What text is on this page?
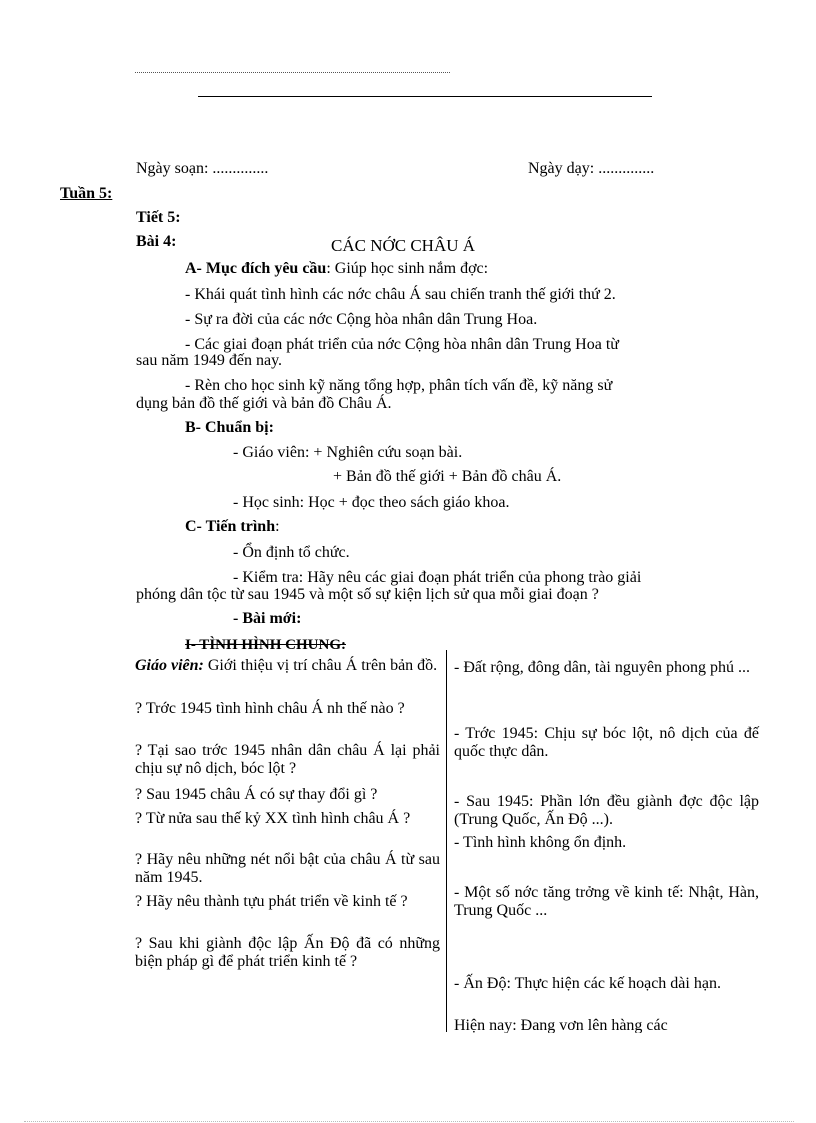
Ngày soạn: ..............	Ngày dạy: ..............
Tuần 5:
Tiết 5:
Bài 4:	CÁC NỚC CHÂU Á
A- Mục đích yêu cầu: Giúp học sinh nắm đợc:
- Khái quát tình hình các nớc châu Á sau chiến tranh thế giới thứ 2.
- Sự ra đời của các nớc Cộng hòa nhân dân Trung Hoa.
- Các giai đoạn phát triển của nớc Cộng hòa nhân dân Trung Hoa từ
sau năm 1949 đến nay.
- Rèn cho học sinh kỹ năng tổng hợp, phân tích vấn đề, kỹ năng sử
dụng bản đồ thế giới và bản đồ Châu Á.
B- Chuẩn bị:
- Giáo viên: + Nghiên cứu soạn bài.
+ Bản đồ thế giới + Bản đồ châu Á.
- Học sinh: Học + đọc theo sách giáo khoa.
C- Tiến trình:
- Ổn định tổ chức.
- Kiểm tra: Hãy nêu các giai đoạn phát triển của phong trào giải
phóng dân tộc từ sau 1945 và một số sự kiện lịch sử qua mỗi giai đoạn ?
- Bài mới:
I- TÌNH HÌNH CHUNG:
Giáo viên: Giới thiệu vị trí châu Á trên bản đồ.
? Trớc 1945 tình hình châu Á nh thế nào ?
? Tại sao trớc 1945 nhân dân châu Á lại phải chịu sự nô dịch, bóc lột ?
? Sau 1945 châu Á có sự thay đổi gì ?
? Từ nửa sau thế kỷ XX tình hình châu Á ?
? Hãy nêu những nét nổi bật của châu Á từ sau năm 1945.
? Hãy nêu thành tựu phát triển về kinh tế ?
? Sau khi giành độc lập Ấn Độ đã có những biện pháp gì để phát triển kinh tế ?
- Đất rộng, đông dân, tài nguyên phong phú ...
- Trớc 1945: Chịu sự bóc lột, nô dịch của đế quốc thực dân.
- Sau 1945: Phần lớn đều giành đợc độc lập (Trung Quốc, Ấn Độ ...).
- Tình hình không ổn định.
- Một số nớc tăng trởng về kinh tế: Nhật, Hàn, Trung Quốc ...
- Ấn Độ: Thực hiện các kế hoạch dài hạn.
Hiện nay: Đang vơn lên hàng các
